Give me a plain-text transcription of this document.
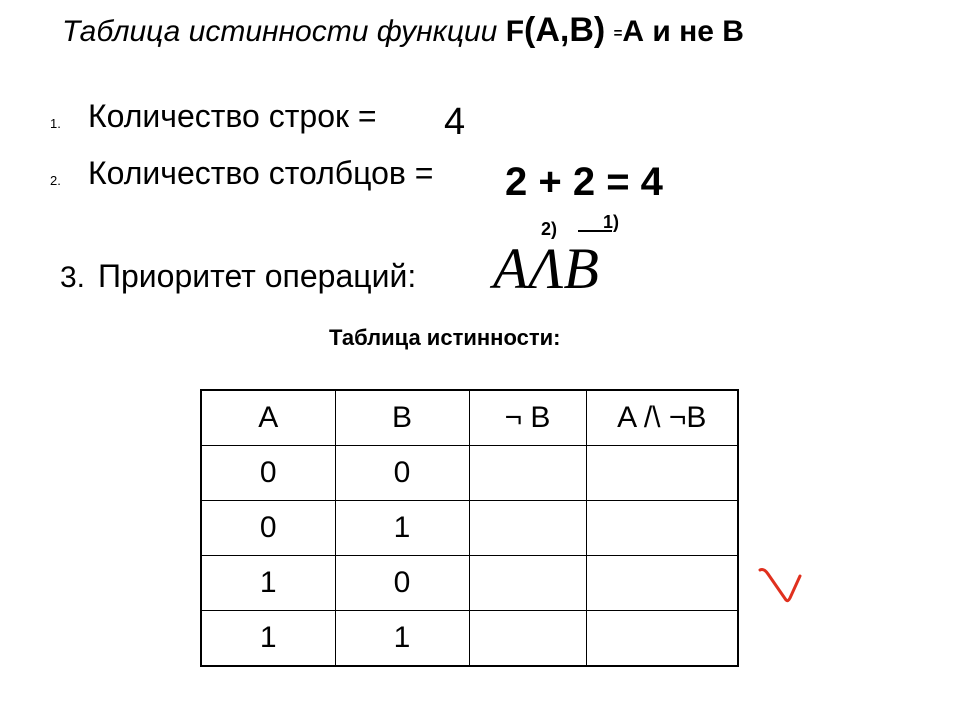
Таблица истинности функции F(A,B) =А и не В
1. Количество строк = 4
2. Количество столбцов = 2 + 2 = 4
2)	1)
3. Приоритет операций: AΛB
Таблица истинности:
A	B	¬ B	A /\ ¬B
0	0		
0	1		
1	0		
1	1		
